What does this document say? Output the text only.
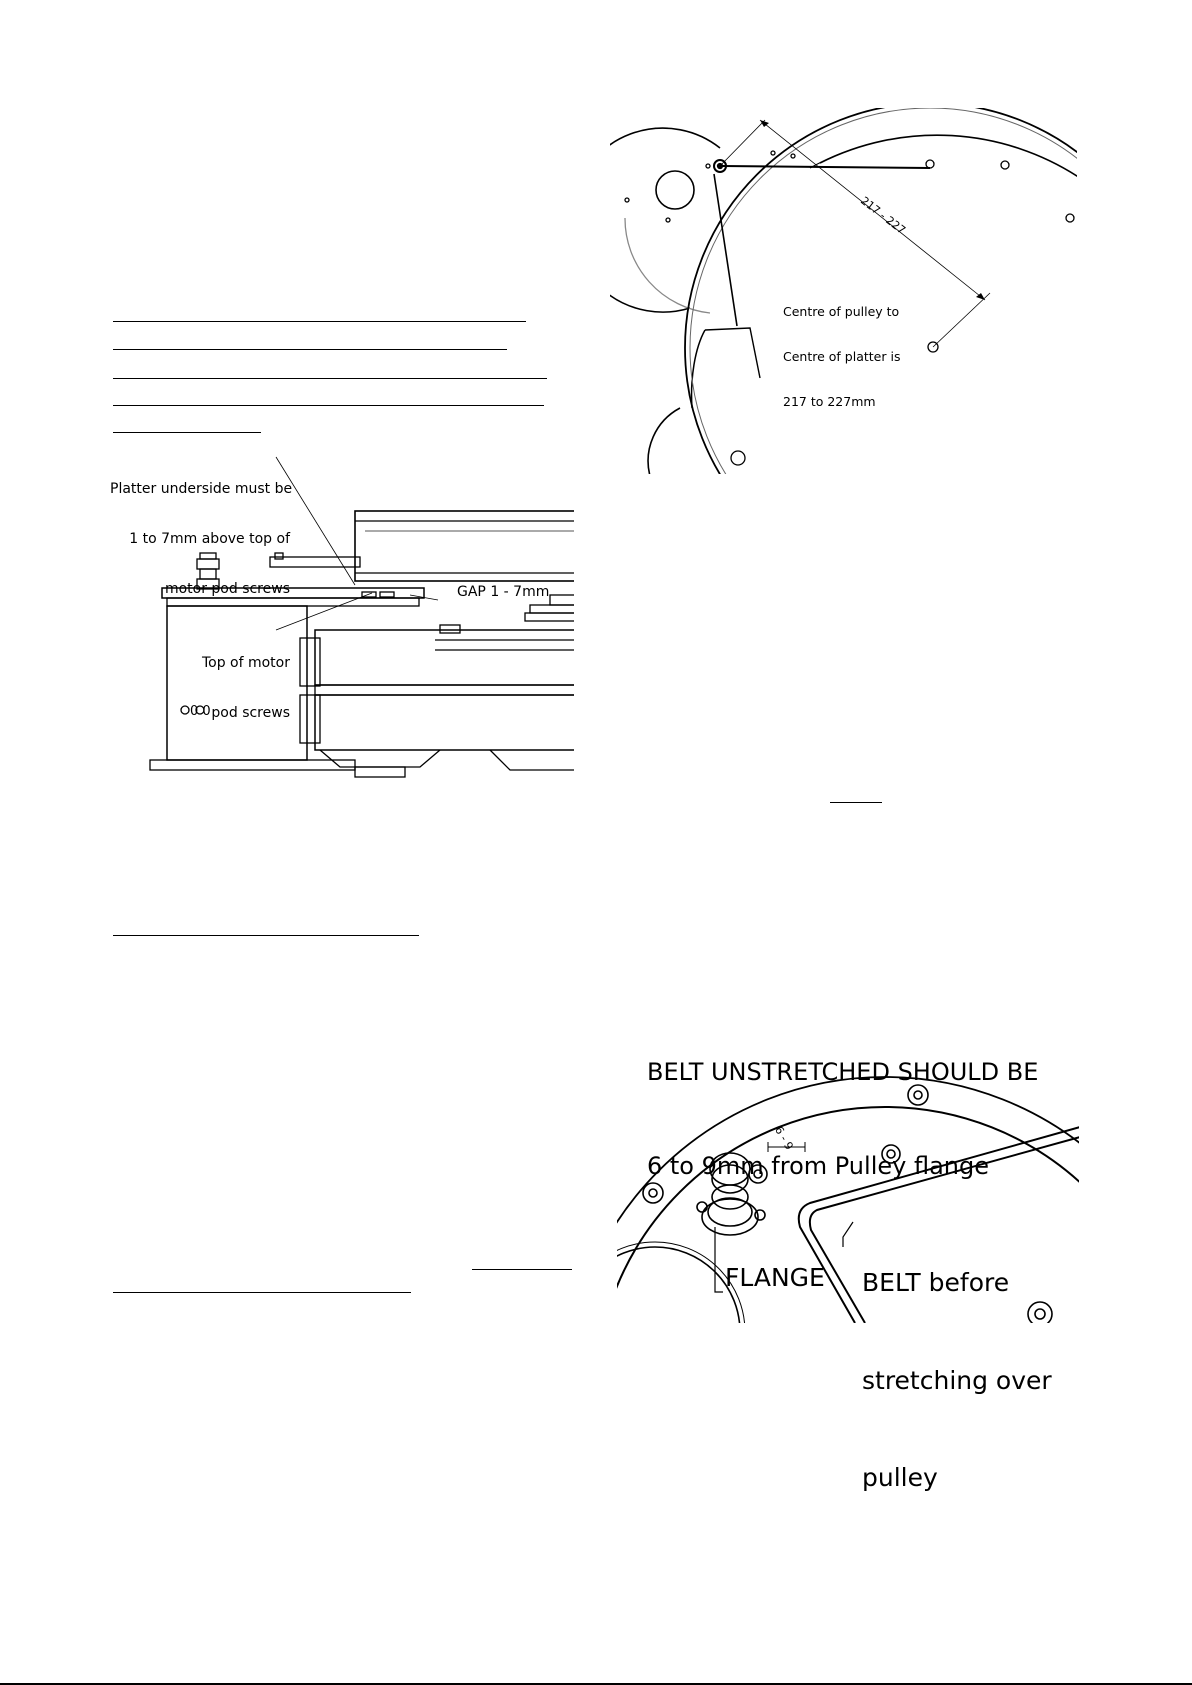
217 - 227

Centre of pulley to

Centre of platter is

217 to 227mm

0 0

Platter underside must be

1 to 7mm above top of

motor pod screws

	GAP 1 - 7mm

Top of motor

pod screws

BELT UNSTRETCHED SHOULD BE

6 to 9mm from Pulley flange

6 - 9
FLANGE

BELT before

stretching over

pulley
